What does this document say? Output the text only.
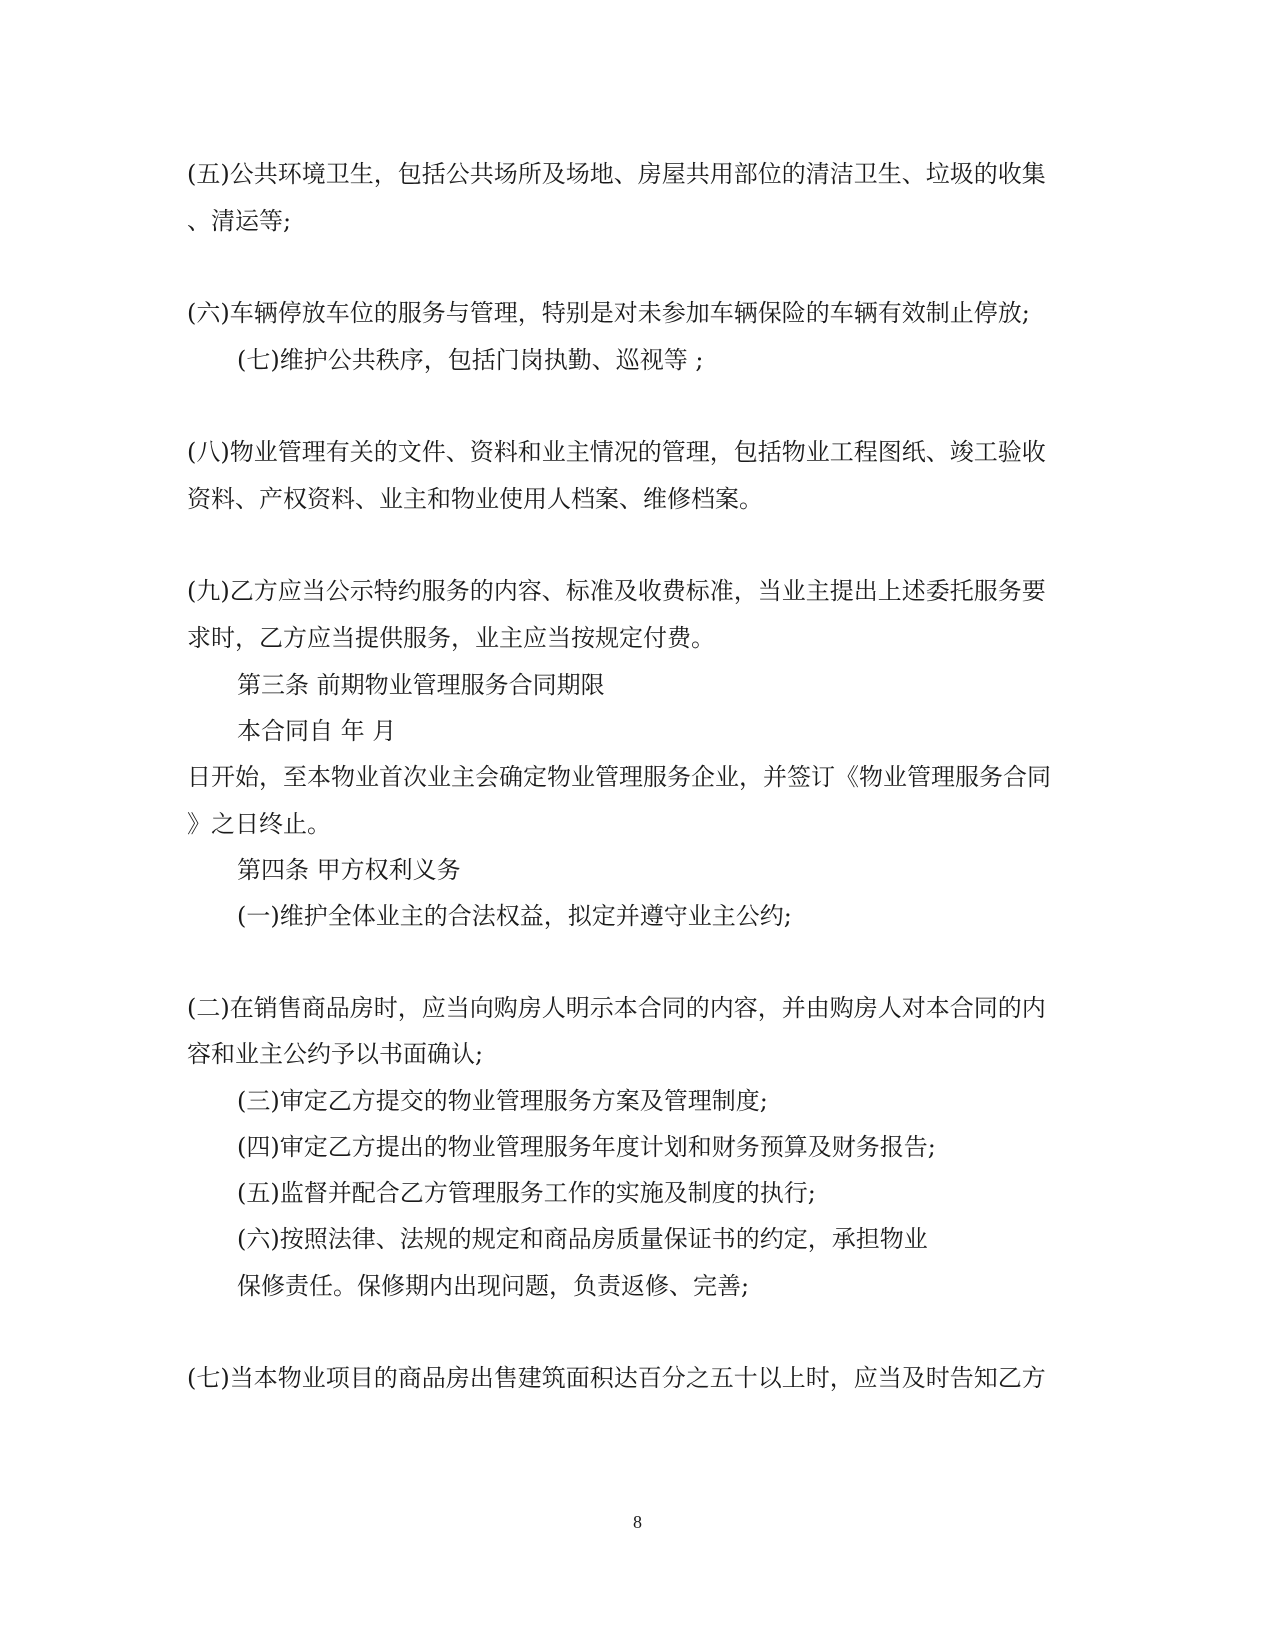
(五)公共环境卫生，包括公共场所及场地、房屋共用部位的清洁卫生、垃圾的收集

、清运等;

(六)车辆停放车位的服务与管理，特别是对未参加车辆保险的车辆有效制止停放;

(七)维护公共秩序，包括门岗执勤、巡视等 ;

(八)物业管理有关的文件、资料和业主情况的管理，包括物业工程图纸、竣工验收

资料、产权资料、业主和物业使用人档案、维修档案。

(九)乙方应当公示特约服务的内容、标准及收费标准，当业主提出上述委托服务要

求时，乙方应当提供服务，业主应当按规定付费。

第三条 前期物业管理服务合同期限

本合同自 年 月

日开始，至本物业首次业主会确定物业管理服务企业，并签订《物业管理服务合同

》之日终止。

第四条 甲方权利义务

(一)维护全体业主的合法权益，拟定并遵守业主公约;

(二)在销售商品房时，应当向购房人明示本合同的内容，并由购房人对本合同的内

容和业主公约予以书面确认;

(三)审定乙方提交的物业管理服务方案及管理制度;

(四)审定乙方提出的物业管理服务年度计划和财务预算及财务报告;

(五)监督并配合乙方管理服务工作的实施及制度的执行;

(六)按照法律、法规的规定和商品房质量保证书的约定，承担物业

保修责任。保修期内出现问题，负责返修、完善;

(七)当本物业项目的商品房出售建筑面积达百分之五十以上时，应当及时告知乙方

8
